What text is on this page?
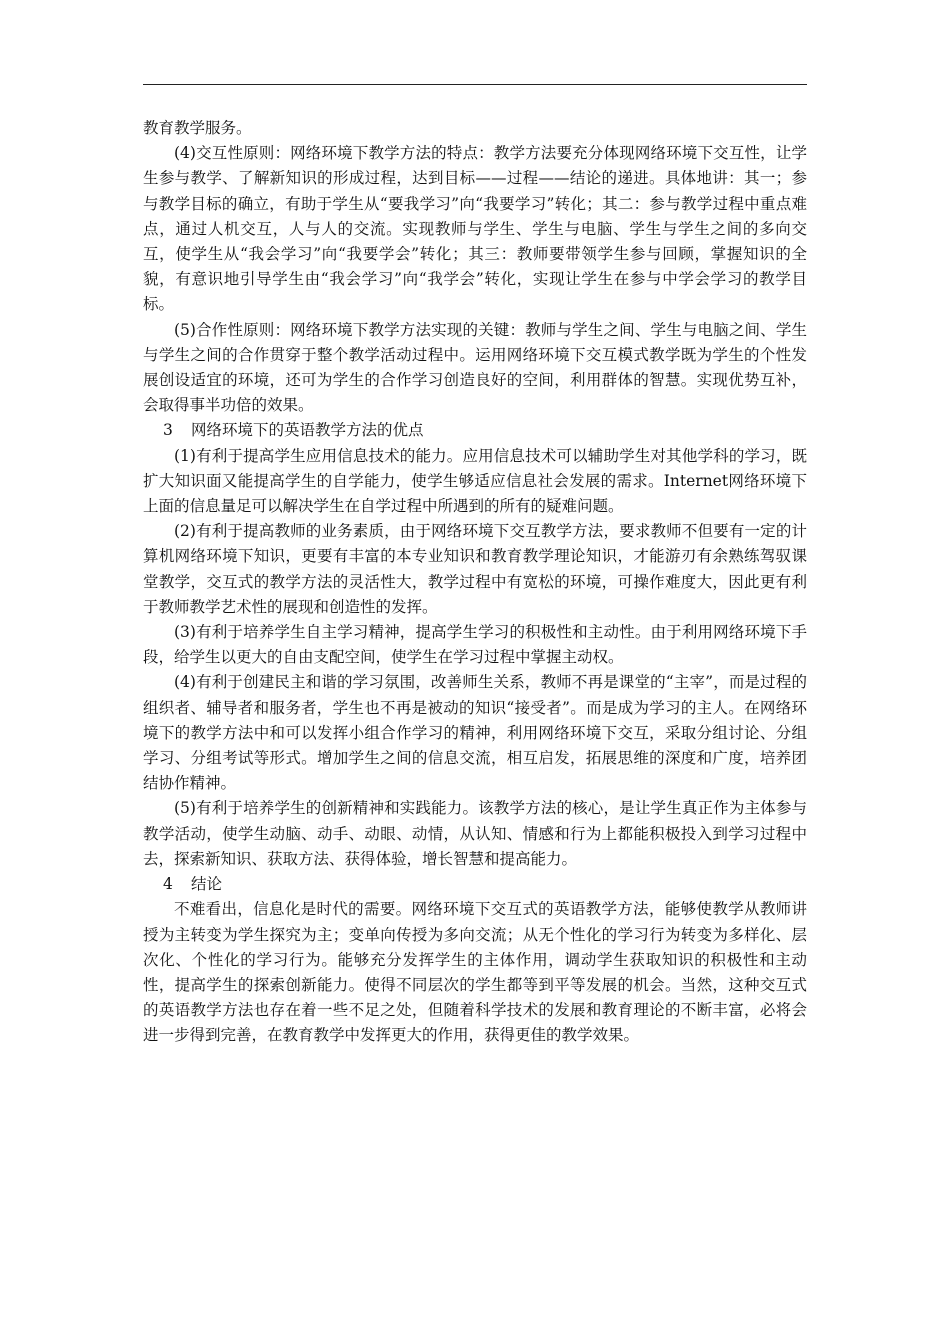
教育教学服务。

(4)交互性原则：网络环境下教学方法的特点：教学方法要充分体现网络环境下交互性，让学生参与教学、了解新知识的形成过程，达到目标——过程——结论的递进。具体地讲：其一；参与教学目标的确立，有助于学生从“要我学习”向“我要学习”转化；其二：参与教学过程中重点难点，通过人机交互，人与人的交流。实现教师与学生、学生与电脑、学生与学生之间的多向交互，使学生从“我会学习”向“我要学会”转化；其三：教师要带领学生参与回顾，掌握知识的全貌，有意识地引导学生由“我会学习”向“我学会”转化，实现让学生在参与中学会学习的教学目标。

(5)合作性原则：网络环境下教学方法实现的关键：教师与学生之间、学生与电脑之间、学生与学生之间的合作贯穿于整个教学活动过程中。运用网络环境下交互模式教学既为学生的个性发展创设适宜的环境，还可为学生的合作学习创造良好的空间，利用群体的智慧。实现优势互补，会取得事半功倍的效果。

3 网络环境下的英语教学方法的优点

(1)有利于提高学生应用信息技术的能力。应用信息技术可以辅助学生对其他学科的学习，既扩大知识面又能提高学生的自学能力，使学生够适应信息社会发展的需求。Internet网络环境下上面的信息量足可以解决学生在自学过程中所遇到的所有的疑难问题。

(2)有利于提高教师的业务素质，由于网络环境下交互教学方法，要求教师不但要有一定的计算机网络环境下知识，更要有丰富的本专业知识和教育教学理论知识，才能游刃有余熟练驾驭课堂教学，交互式的教学方法的灵活性大，教学过程中有宽松的环境，可操作难度大，因此更有利于教师教学艺术性的展现和创造性的发挥。

(3)有利于培养学生自主学习精神，提高学生学习的积极性和主动性。由于利用网络环境下手段，给学生以更大的自由支配空间，使学生在学习过程中掌握主动权。

(4)有利于创建民主和谐的学习氛围，改善师生关系，教师不再是课堂的“主宰”，而是过程的组织者、辅导者和服务者，学生也不再是被动的知识“接受者”。而是成为学习的主人。在网络环境下的教学方法中和可以发挥小组合作学习的精神，利用网络环境下交互，采取分组讨论、分组学习、分组考试等形式。增加学生之间的信息交流，相互启发，拓展思维的深度和广度，培养团结协作精神。

(5)有利于培养学生的创新精神和实践能力。该教学方法的核心，是让学生真正作为主体参与教学活动，使学生动脑、动手、动眼、动情，从认知、情感和行为上都能积极投入到学习过程中去，探索新知识、获取方法、获得体验，增长智慧和提高能力。

4 结论

不难看出，信息化是时代的需要。网络环境下交互式的英语教学方法，能够使教学从教师讲授为主转变为学生探究为主；变单向传授为多向交流；从无个性化的学习行为转变为多样化、层次化、个性化的学习行为。能够充分发挥学生的主体作用，调动学生获取知识的积极性和主动性，提高学生的探索创新能力。使得不同层次的学生都等到平等发展的机会。当然，这种交互式的英语教学方法也存在着一些不足之处，但随着科学技术的发展和教育理论的不断丰富，必将会进一步得到完善，在教育教学中发挥更大的作用，获得更佳的教学效果。
